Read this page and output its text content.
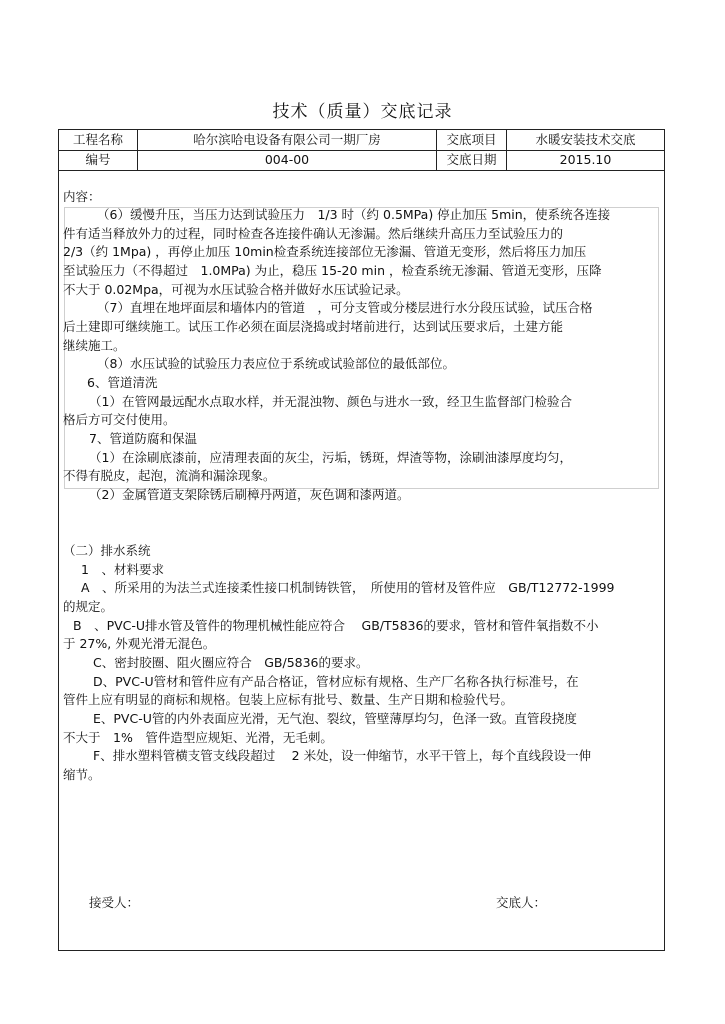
技术（质量）交底记录
工程名称	哈尔滨哈电设备有限公司一期厂房	交底项目	水暖安装技术交底
编号	004-00	交底日期	2015.10
内容：
（6）缓慢升压，当压力达到试验压力　1/3 时（约 0.5MPa) 停止加压 5min，使系统各连接
件有适当释放外力的过程，同时检查各连接件确认无渗漏。然后继续升高压力至试验压力的
2/3（约 1Mpa) ，再停止加压 10min检查系统连接部位无渗漏、管道无变形，然后将压力加压
至试验压力（不得超过　1.0MPa) 为止，稳压 15-20 min ，检查系统无渗漏、管道无变形，压降
不大于 0.02Mpa，可视为水压试验合格并做好水压试验记录。
（7）直埋在地坪面层和墙体内的管道　，可分支管或分楼层进行水分段压试验，试压合格
后土建即可继续施工。试压工作必须在面层浇捣或封堵前进行，达到试压要求后，土建方能
继续施工。
（8）水压试验的试验压力表应位于系统或试验部位的最低部位。
6、管道清洗
（1）在管网最远配水点取水样，并无混浊物、颜色与进水一致，经卫生监督部门检验合
格后方可交付使用。
7、管道防腐和保温
（1）在涂刷底漆前，应清理表面的灰尘，污垢，锈斑，焊渣等物，涂刷油漆厚度均匀，
不得有脱皮，起泡，流淌和漏涂现象。
（2）金属管道支架除锈后刷樟丹两道，灰色调和漆两道。
（二）排水系统
1　、材料要求
A　、所采用的为法兰式连接柔性接口机制铸铁管，　所使用的管材及管件应　GB/T12772-1999
的规定。
B　、PVC-U排水管及管件的物理机械性能应符合　 GB/T5836的要求，管材和管件氧指数不小
于 27%, 外观光滑无混色。
C、密封胶圈、阻火圈应符合　GB/5836的要求。
D、PVC-U管材和管件应有产品合格证，管材应标有规格、生产厂名称各执行标准号，在
管件上应有明显的商标和规格。包装上应标有批号、数量、生产日期和检验代号。
E、PVC-U管的内外表面应光滑，无气泡、裂纹，管壁薄厚均匀，色泽一致。直管段挠度
不大于　1%　管件造型应规矩、光滑，无毛刺。
F、排水塑料管横支管支线段超过　 2 米处，设一伸缩节，水平干管上，每个直线段设一伸
缩节。
接受人：	交底人：
